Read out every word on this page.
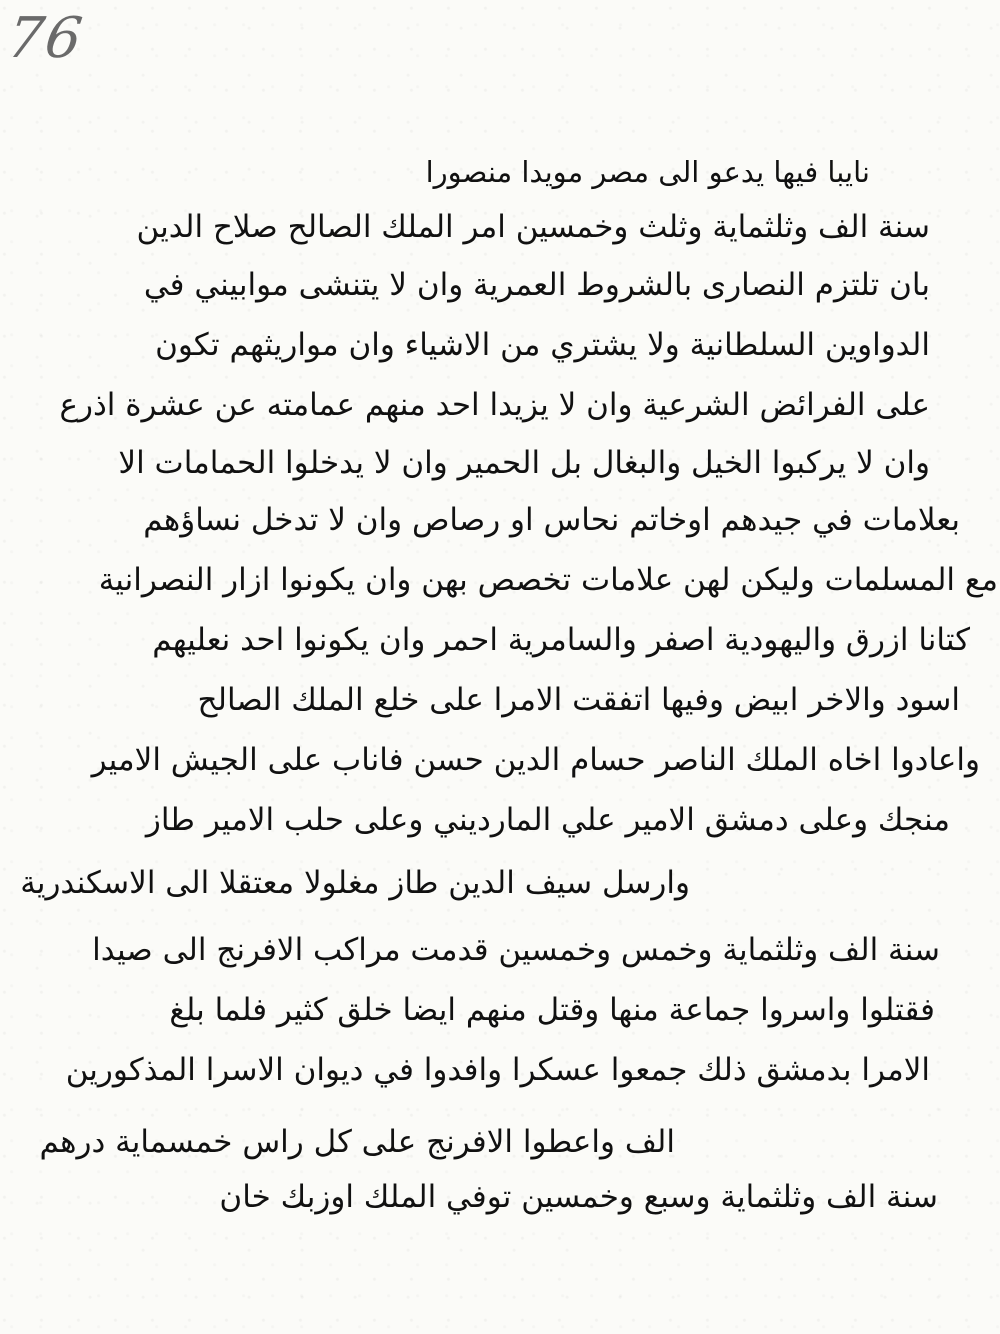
76
نايبا فيها يدعو الى مصر مويدا منصورا
سنة الف وثلثماية وثلث وخمسين امر الملك الصالح صلاح الدين
بان تلتزم النصارى بالشروط العمرية وان لا يتنشى موابيني في
الدواوين السلطانية ولا يشتري من الاشياء وان مواريثهم تكون
على الفرائض الشرعية وان لا يزيدا احد منهم عمامته عن عشرة اذرع
وان لا يركبوا الخيل والبغال بل الحمير وان لا يدخلوا الحمامات الا
بعلامات في جيدهم اوخاتم نحاس او رصاص وان لا تدخل نساؤهم
مع المسلمات وليكن لهن علامات تخصص بهن وان يكونوا ازار النصرانية
كتانا ازرق واليهودية اصفر والسامرية احمر وان يكونوا احد نعليهم
اسود والاخر ابيض وفيها اتفقت الامرا على خلع الملك الصالح
واعادوا اخاه الملك الناصر حسام الدين حسن فاناب على الجيش الامير
منجك وعلى دمشق الامير علي المارديني وعلى حلب الامير طاز
وارسل سيف الدين طاز مغلولا معتقلا الى الاسكندرية
سنة الف وثلثماية وخمس وخمسين قدمت مراكب الافرنج الى صيدا
فقتلوا واسروا جماعة منها وقتل منهم ايضا خلق كثير فلما بلغ
الامرا بدمشق ذلك جمعوا عسكرا وافدوا في ديوان الاسرا المذكورين
الف واعطوا الافرنج على كل راس خمسماية درهم
سنة الف وثلثماية وسبع وخمسين توفي الملك اوزبك خان
